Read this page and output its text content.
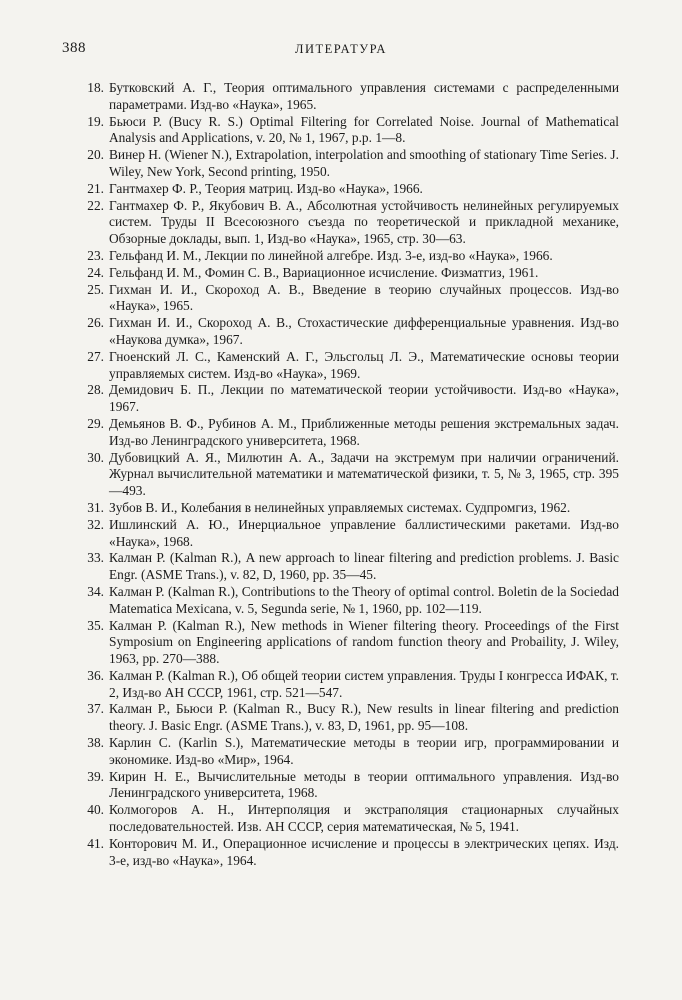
388	ЛИТЕРАТУРА
18. Бутковский А. Г., Теория оптимального управления системами с распределенными параметрами. Изд-во «Наука», 1965.
19. Бьюси Р. (Bucy R. S.) Optimal Filtering for Correlated Noise. Journal of Mathematical Analysis and Applications, v. 20, № 1, 1967, p.p. 1—8.
20. Винер Н. (Wiener N.), Extrapolation, interpolation and smoothing of stationary Time Series. J. Wiley, New York, Second printing, 1950.
21. Гантмахер Ф. Р., Теория матриц. Изд-во «Наука», 1966.
22. Гантмахер Ф. Р., Якубович В. А., Абсолютная устойчивость нелинейных регулируемых систем. Труды II Всесоюзного съезда по теоретической и прикладной механике, Обзорные доклады, вып. 1, Изд-во «Наука», 1965, стр. 30—63.
23. Гельфанд И. М., Лекции по линейной алгебре. Изд. 3-е, изд-во «Наука», 1966.
24. Гельфанд И. М., Фомин С. В., Вариационное исчисление. Физматгиз, 1961.
25. Гихман И. И., Скороход А. В., Введение в теорию случайных процессов. Изд-во «Наука», 1965.
26. Гихман И. И., Скороход А. В., Стохастические дифференциальные уравнения. Изд-во «Наукова думка», 1967.
27. Гноенский Л. С., Каменский А. Г., Эльсгольц Л. Э., Математические основы теории управляемых систем. Изд-во «Наука», 1969.
28. Демидович Б. П., Лекции по математической теории устойчивости. Изд-во «Наука», 1967.
29. Демьянов В. Ф., Рубинов А. М., Приближенные методы решения экстремальных задач. Изд-во Ленинградского университета, 1968.
30. Дубовицкий А. Я., Милютин А. А., Задачи на экстремум при наличии ограничений. Журнал вычислительной математики и математической физики, т. 5, № 3, 1965, стр. 395—493.
31. Зубов В. И., Колебания в нелинейных управляемых системах. Судпромгиз, 1962.
32. Ишлинский А. Ю., Инерциальное управление баллистическими ракетами. Изд-во «Наука», 1968.
33. Калман Р. (Kalman R.), A new approach to linear filtering and prediction problems. J. Basic Engr. (ASME Trans.), v. 82, D, 1960, pp. 35—45.
34. Калман Р. (Kalman R.), Contributions to the Theory of optimal control. Boletin de la Sociedad Matematica Mexicana, v. 5, Segunda serie, № 1, 1960, pp. 102—119.
35. Калман Р. (Kalman R.), New methods in Wiener filtering theory. Proceedings of the First Symposium on Engineering applications of random function theory and Probaility, J. Wiley, 1963, pp. 270—388.
36. Калман Р. (Kalman R.), Об общей теории систем управления. Труды I конгресса ИФАК, т. 2, Изд-во АН СССР, 1961, стр. 521—547.
37. Калман Р., Бьюси Р. (Kalman R., Bucy R.), New results in linear filtering and prediction theory. J. Basic Engr. (ASME Trans.), v. 83, D, 1961, pp. 95—108.
38. Карлин С. (Karlin S.), Математические методы в теории игр, программировании и экономике. Изд-во «Мир», 1964.
39. Кирин Н. Е., Вычислительные методы в теории оптимального управления. Изд-во Ленинградского университета, 1968.
40. Колмогоров А. Н., Интерполяция и экстраполяция стационарных случайных последовательностей. Изв. АН СССР, серия математическая, № 5, 1941.
41. Конторович М. И., Операционное исчисление и процессы в электрических цепях. Изд. 3-е, изд-во «Наука», 1964.
